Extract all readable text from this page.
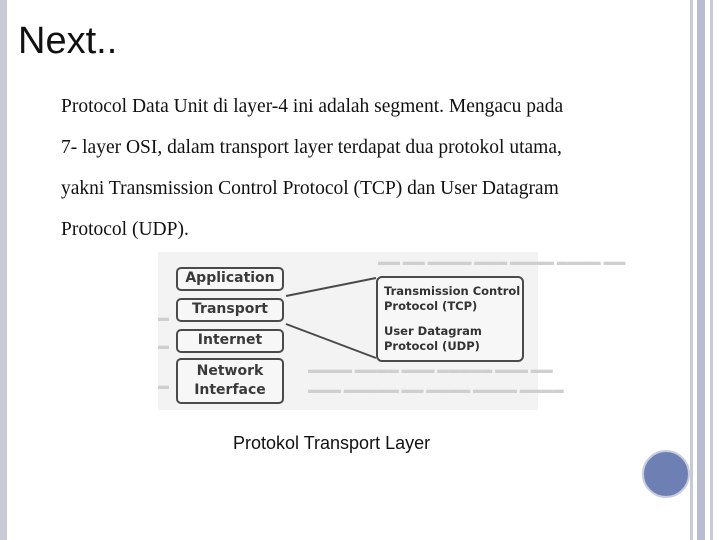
Next..

Protocol Data Unit di layer-4 ini adalah segment. Mengacu pada
7- layer OSI, dalam transport layer terdapat dua protokol utama,
yakni Transmission Control Protocol (TCP) dan User Datagram
Protocol (UDP).

▬▬ ▬▬ ▬▬▬▬ ▬▬▬ ▬▬▬▬ ▬▬▬▬ ▬▬
▬
▬
▬
▬▬▬▬ ▬▬▬▬ ▬▬▬ ▬▬▬▬▬ ▬▬▬ ▬▬
▬▬▬ ▬▬▬▬▬ ▬▬ ▬▬▬▬ ▬▬▬▬ ▬▬▬▬
Application
Transport
Internet
Network
Interface
Transmission Control
Protocol (TCP)
User Datagram
Protocol (UDP)

Protokol Transport Layer
